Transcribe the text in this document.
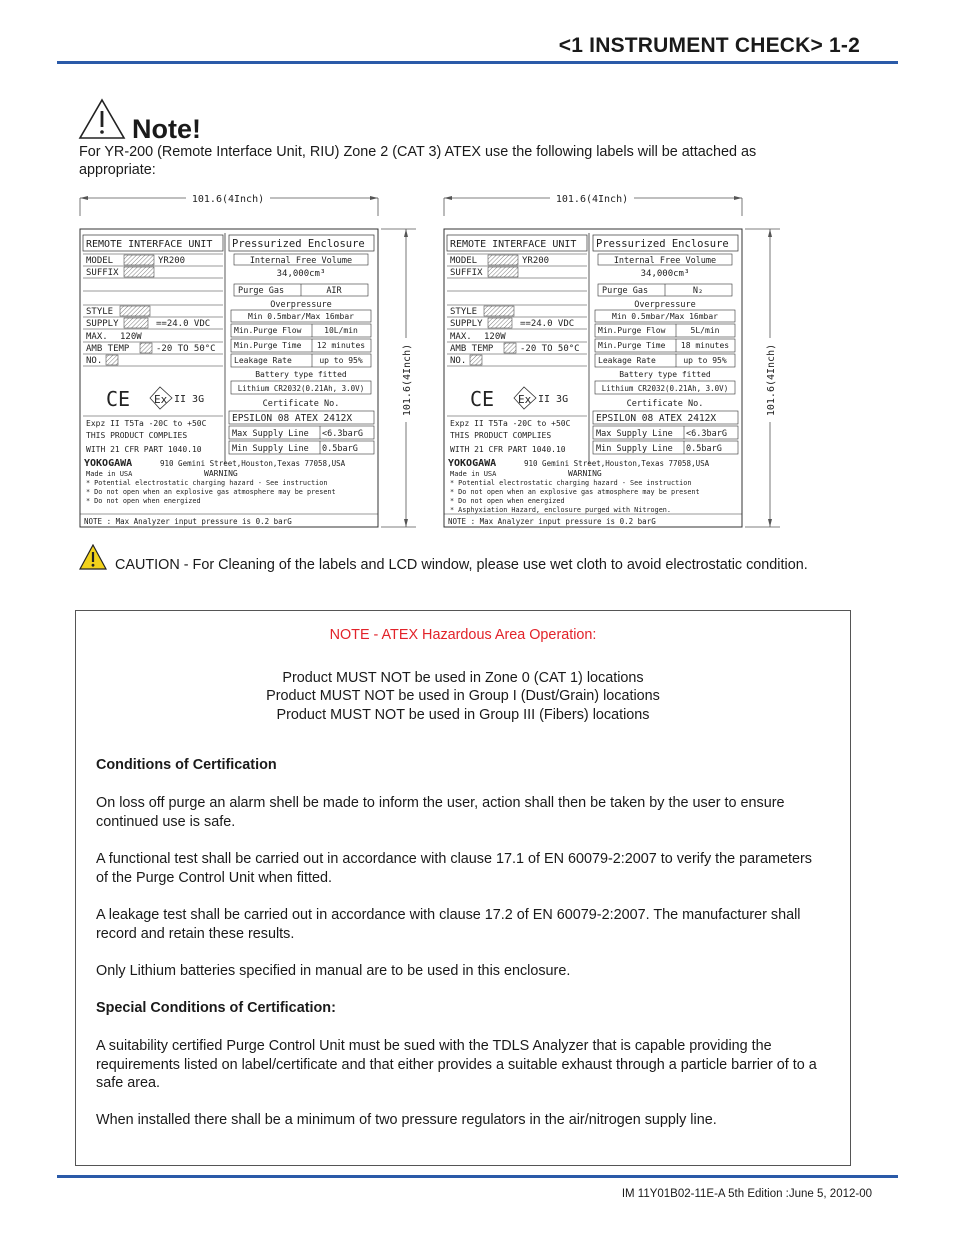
<1 INSTRUMENT CHECK> 1-2
Note!
For YR-200 (Remote Interface Unit, RIU) Zone 2 (CAT 3) ATEX use the following labels will be attached as appropriate:
101.6(4Inch)
101.6(4Inch)
REMOTE INTERFACE UNIT
MODEL	YR200
SUFFIX
STYLE
SUPPLY	==24.0 VDC
MAX. 120W
AMB TEMP	-20 TO 50°C
NO.
CE Ex II 3G
Expz II T5Ta -20C to +50C
THIS PRODUCT COMPLIES
WITH 21 CFR PART 1040.10
Pressurized Enclosure
Internal Free Volume
34,000cm³
Purge Gas	AIR
Overpressure
Min 0.5mbar/Max 16mbar
Min.Purge Flow	10L/min
Min.Purge Time 12 minutes
Leakage Rate	up to 95%
Battery type fitted
Lithium CR2032(0.21Ah, 3.0V)
Certificate No.
EPSILON 08 ATEX 2412X
Max Supply Line <6.3barG
Min Supply Line 0.5barG
YOKOGAWA	910 Gemini Street,Houston,Texas 77058,USA
Made in USA	WARNING
* Potential electrostatic charging hazard - See instruction
* Do not open when an explosive gas atmosphere may be present
* Do not open when energized
NOTE : Max Analyzer input pressure is 0.2 barG
101.6(4Inch)
101.6(4Inch)
REMOTE INTERFACE UNIT
MODEL	YR200
SUFFIX
STYLE
SUPPLY	==24.0 VDC
MAX. 120W
AMB TEMP	-20 TO 50°C
NO.
CE Ex II 3G
Expz II T5Ta -20C to +50C
THIS PRODUCT COMPLIES
WITH 21 CFR PART 1040.10
Pressurized Enclosure
Internal Free Volume
34,000cm³
Purge Gas	N₂
Overpressure
Min 0.5mbar/Max 16mbar
Min.Purge Flow	5L/min
Min.Purge Time 18 minutes
Leakage Rate	up to 95%
Battery type fitted
Lithium CR2032(0.21Ah, 3.0V)
Certificate No.
EPSILON 08 ATEX 2412X
Max Supply Line <6.3barG
Min Supply Line 0.5barG
YOKOGAWA	910 Gemini Street,Houston,Texas 77058,USA
Made in USA	WARNING
* Potential electrostatic charging hazard - See instruction
* Do not open when an explosive gas atmosphere may be present
* Do not open when energized
* Asphyxiation Hazard, enclosure purged with Nitrogen.
NOTE : Max Analyzer input pressure is 0.2 barG
CAUTION - For Cleaning of the labels and LCD window, please use wet cloth to avoid electrostatic condition.
NOTE - ATEX Hazardous Area Operation:
Product MUST NOT be used in Zone 0 (CAT 1) locations
Product MUST NOT be used in Group I (Dust/Grain) locations
Product MUST NOT be used in Group III (Fibers) locations
Conditions of Certification
On loss off purge an alarm shell be made to inform the user, action shall then be taken by the user to ensure continued use is safe.
A functional test shall be carried out in accordance with clause 17.1 of EN 60079-2:2007 to verify the parameters of the Purge Control Unit when fitted.
A leakage test shall be carried out in accordance with clause 17.2 of EN 60079-2:2007. The manufacturer shall record and retain these results.
Only Lithium batteries specified in manual are to be used in this enclosure.
Special Conditions of Certification:
A suitability certified Purge Control Unit must be sued with the TDLS Analyzer that is capable providing the requirements listed on label/certificate and that either provides a suitable exhaust through a particle barrier of to a safe area.
When installed there shall be a minimum of two pressure regulators in the air/nitrogen supply line.
IM 11Y01B02-11E-A 5th Edition :June 5, 2012-00
